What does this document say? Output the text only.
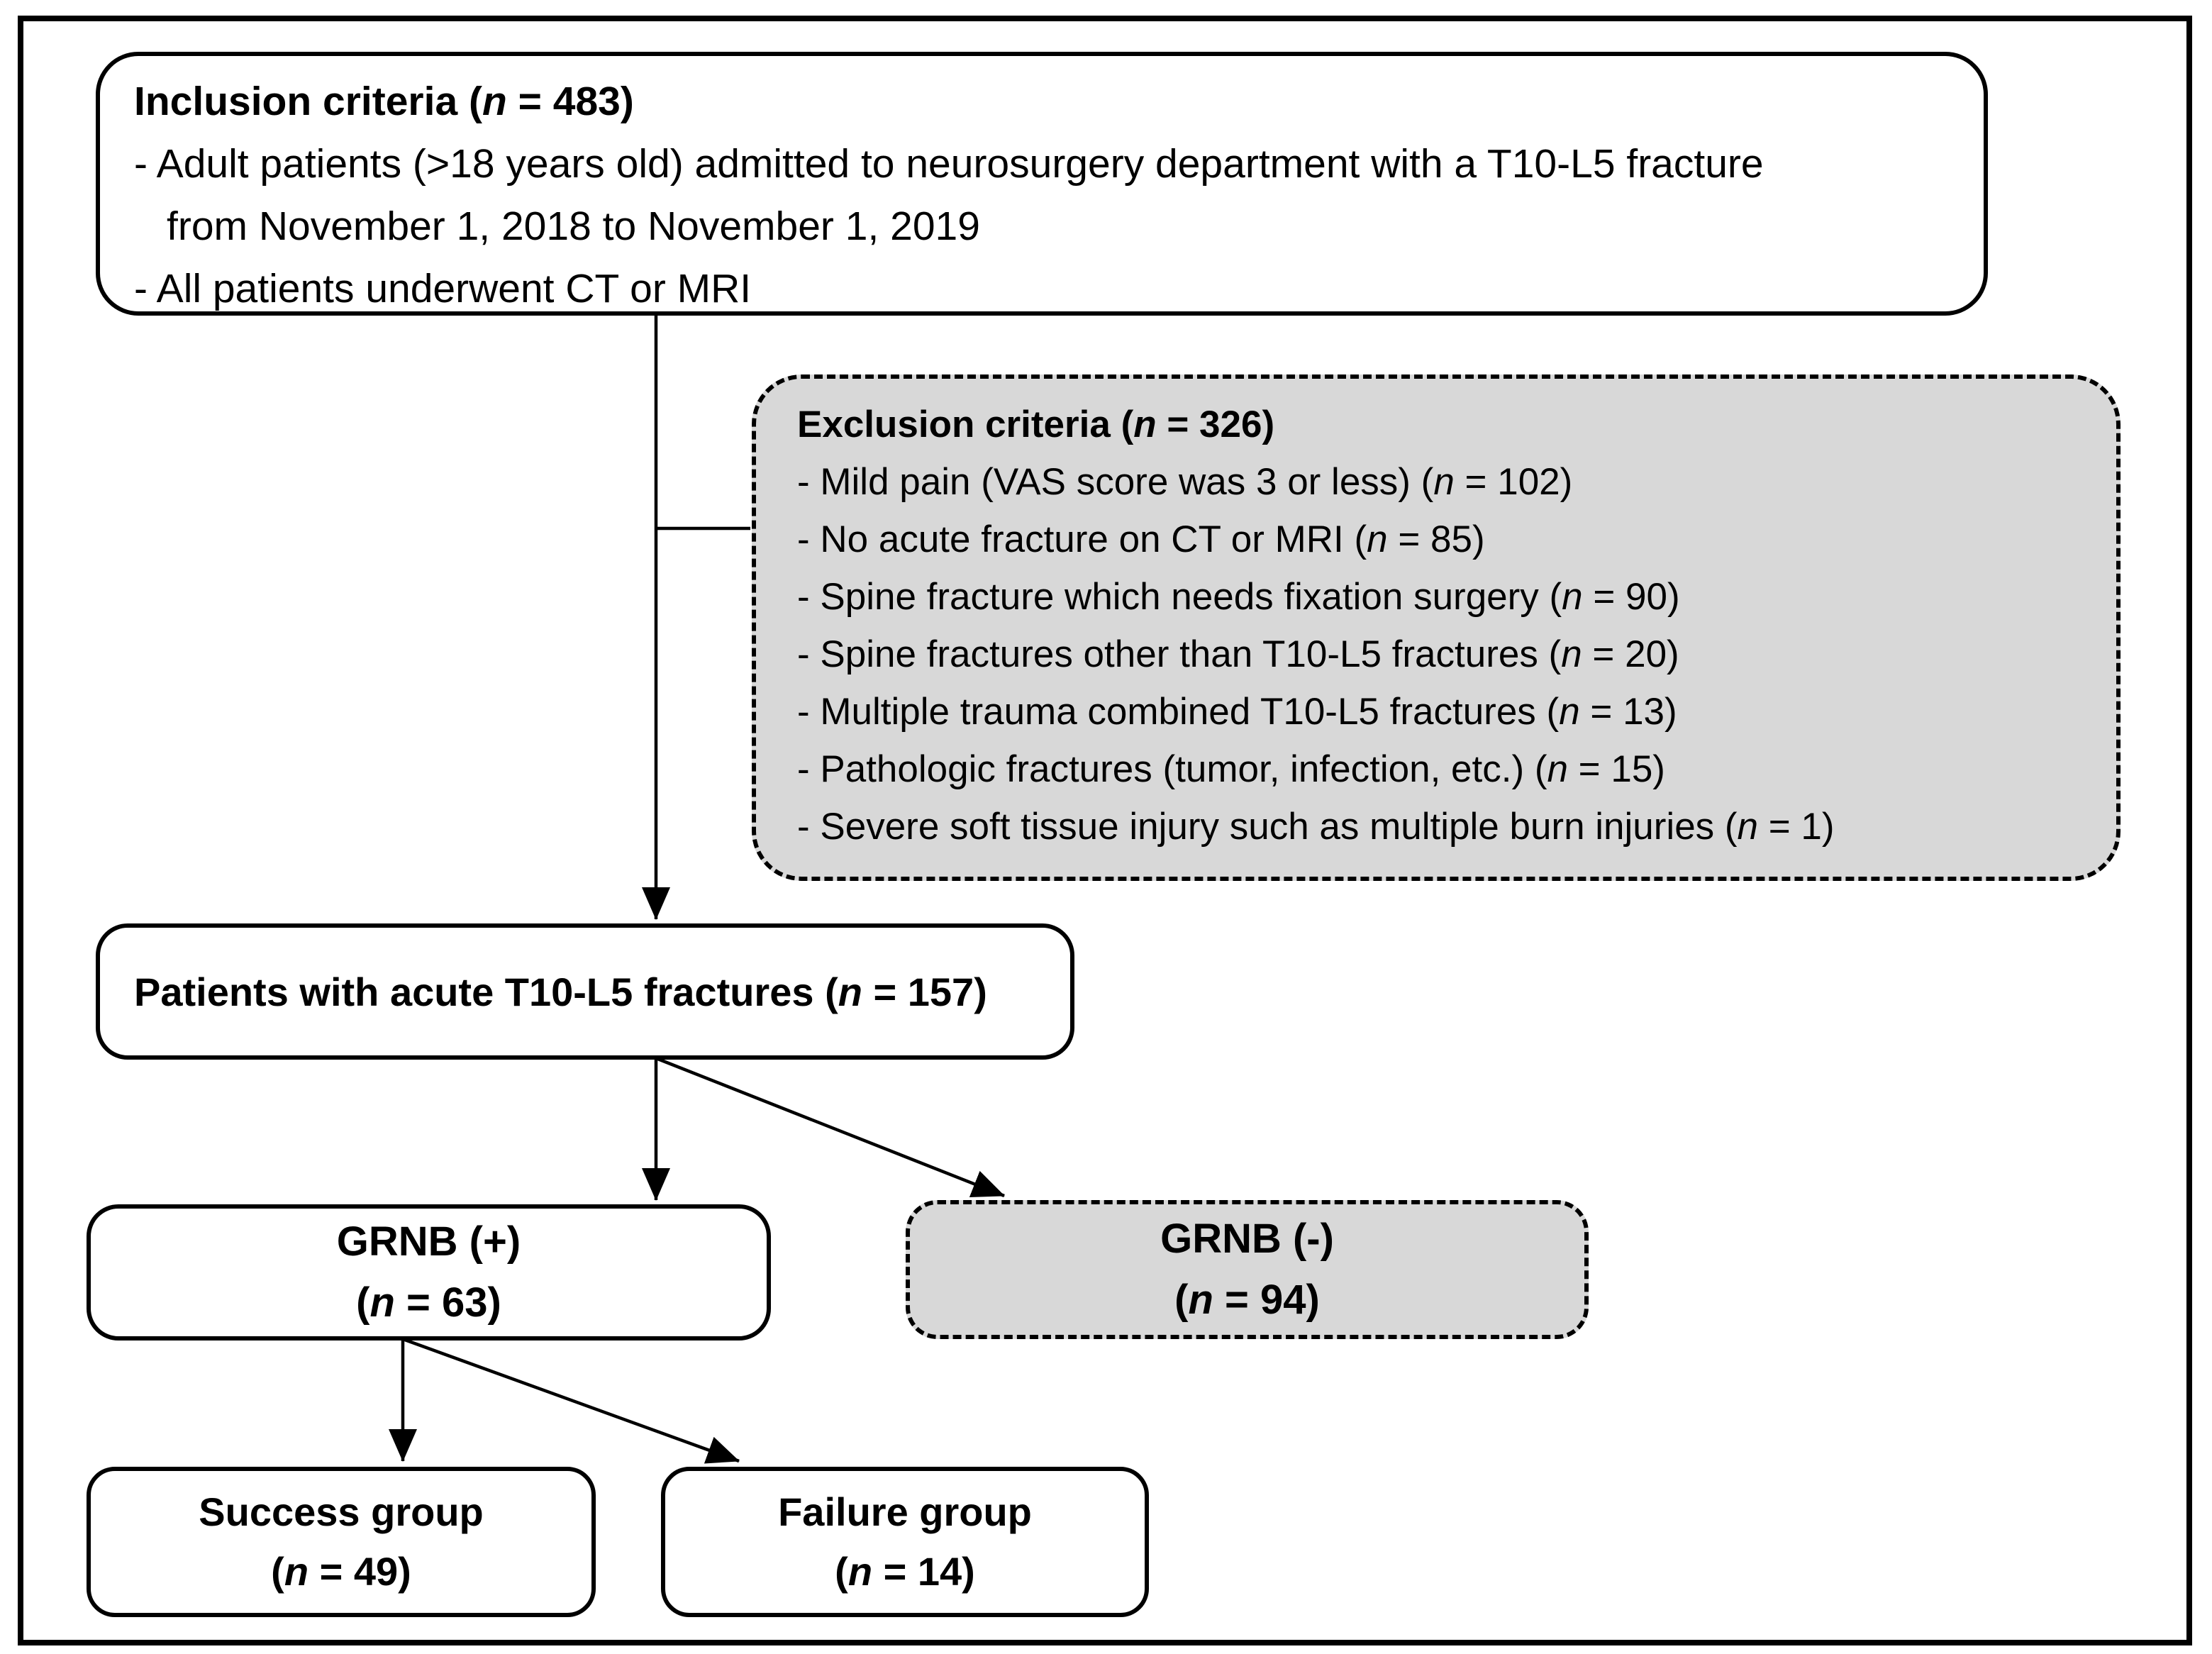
Inclusion criteria (n = 483)
- Adult patients (>18 years old) admitted to neurosurgery department with a T10-L5 fracture
from November 1, 2018 to November 1, 2019
- All patients underwent CT or MRI
Exclusion criteria (n = 326)
- Mild pain (VAS score was 3 or less) (n = 102)
- No acute fracture on CT or MRI (n = 85)
- Spine fracture which needs fixation surgery (n = 90)
- Spine fractures other than T10-L5 fractures (n = 20)
- Multiple trauma combined T10-L5 fractures (n = 13)
- Pathologic fractures (tumor, infection, etc.) (n = 15)
- Severe soft tissue injury such as multiple burn injuries (n = 1)
Patients with acute T10-L5 fractures (n = 157)
GRNB (+)
(n = 63)
GRNB (-)
(n = 94)
Success group
(n = 49)
Failure group
(n = 14)
